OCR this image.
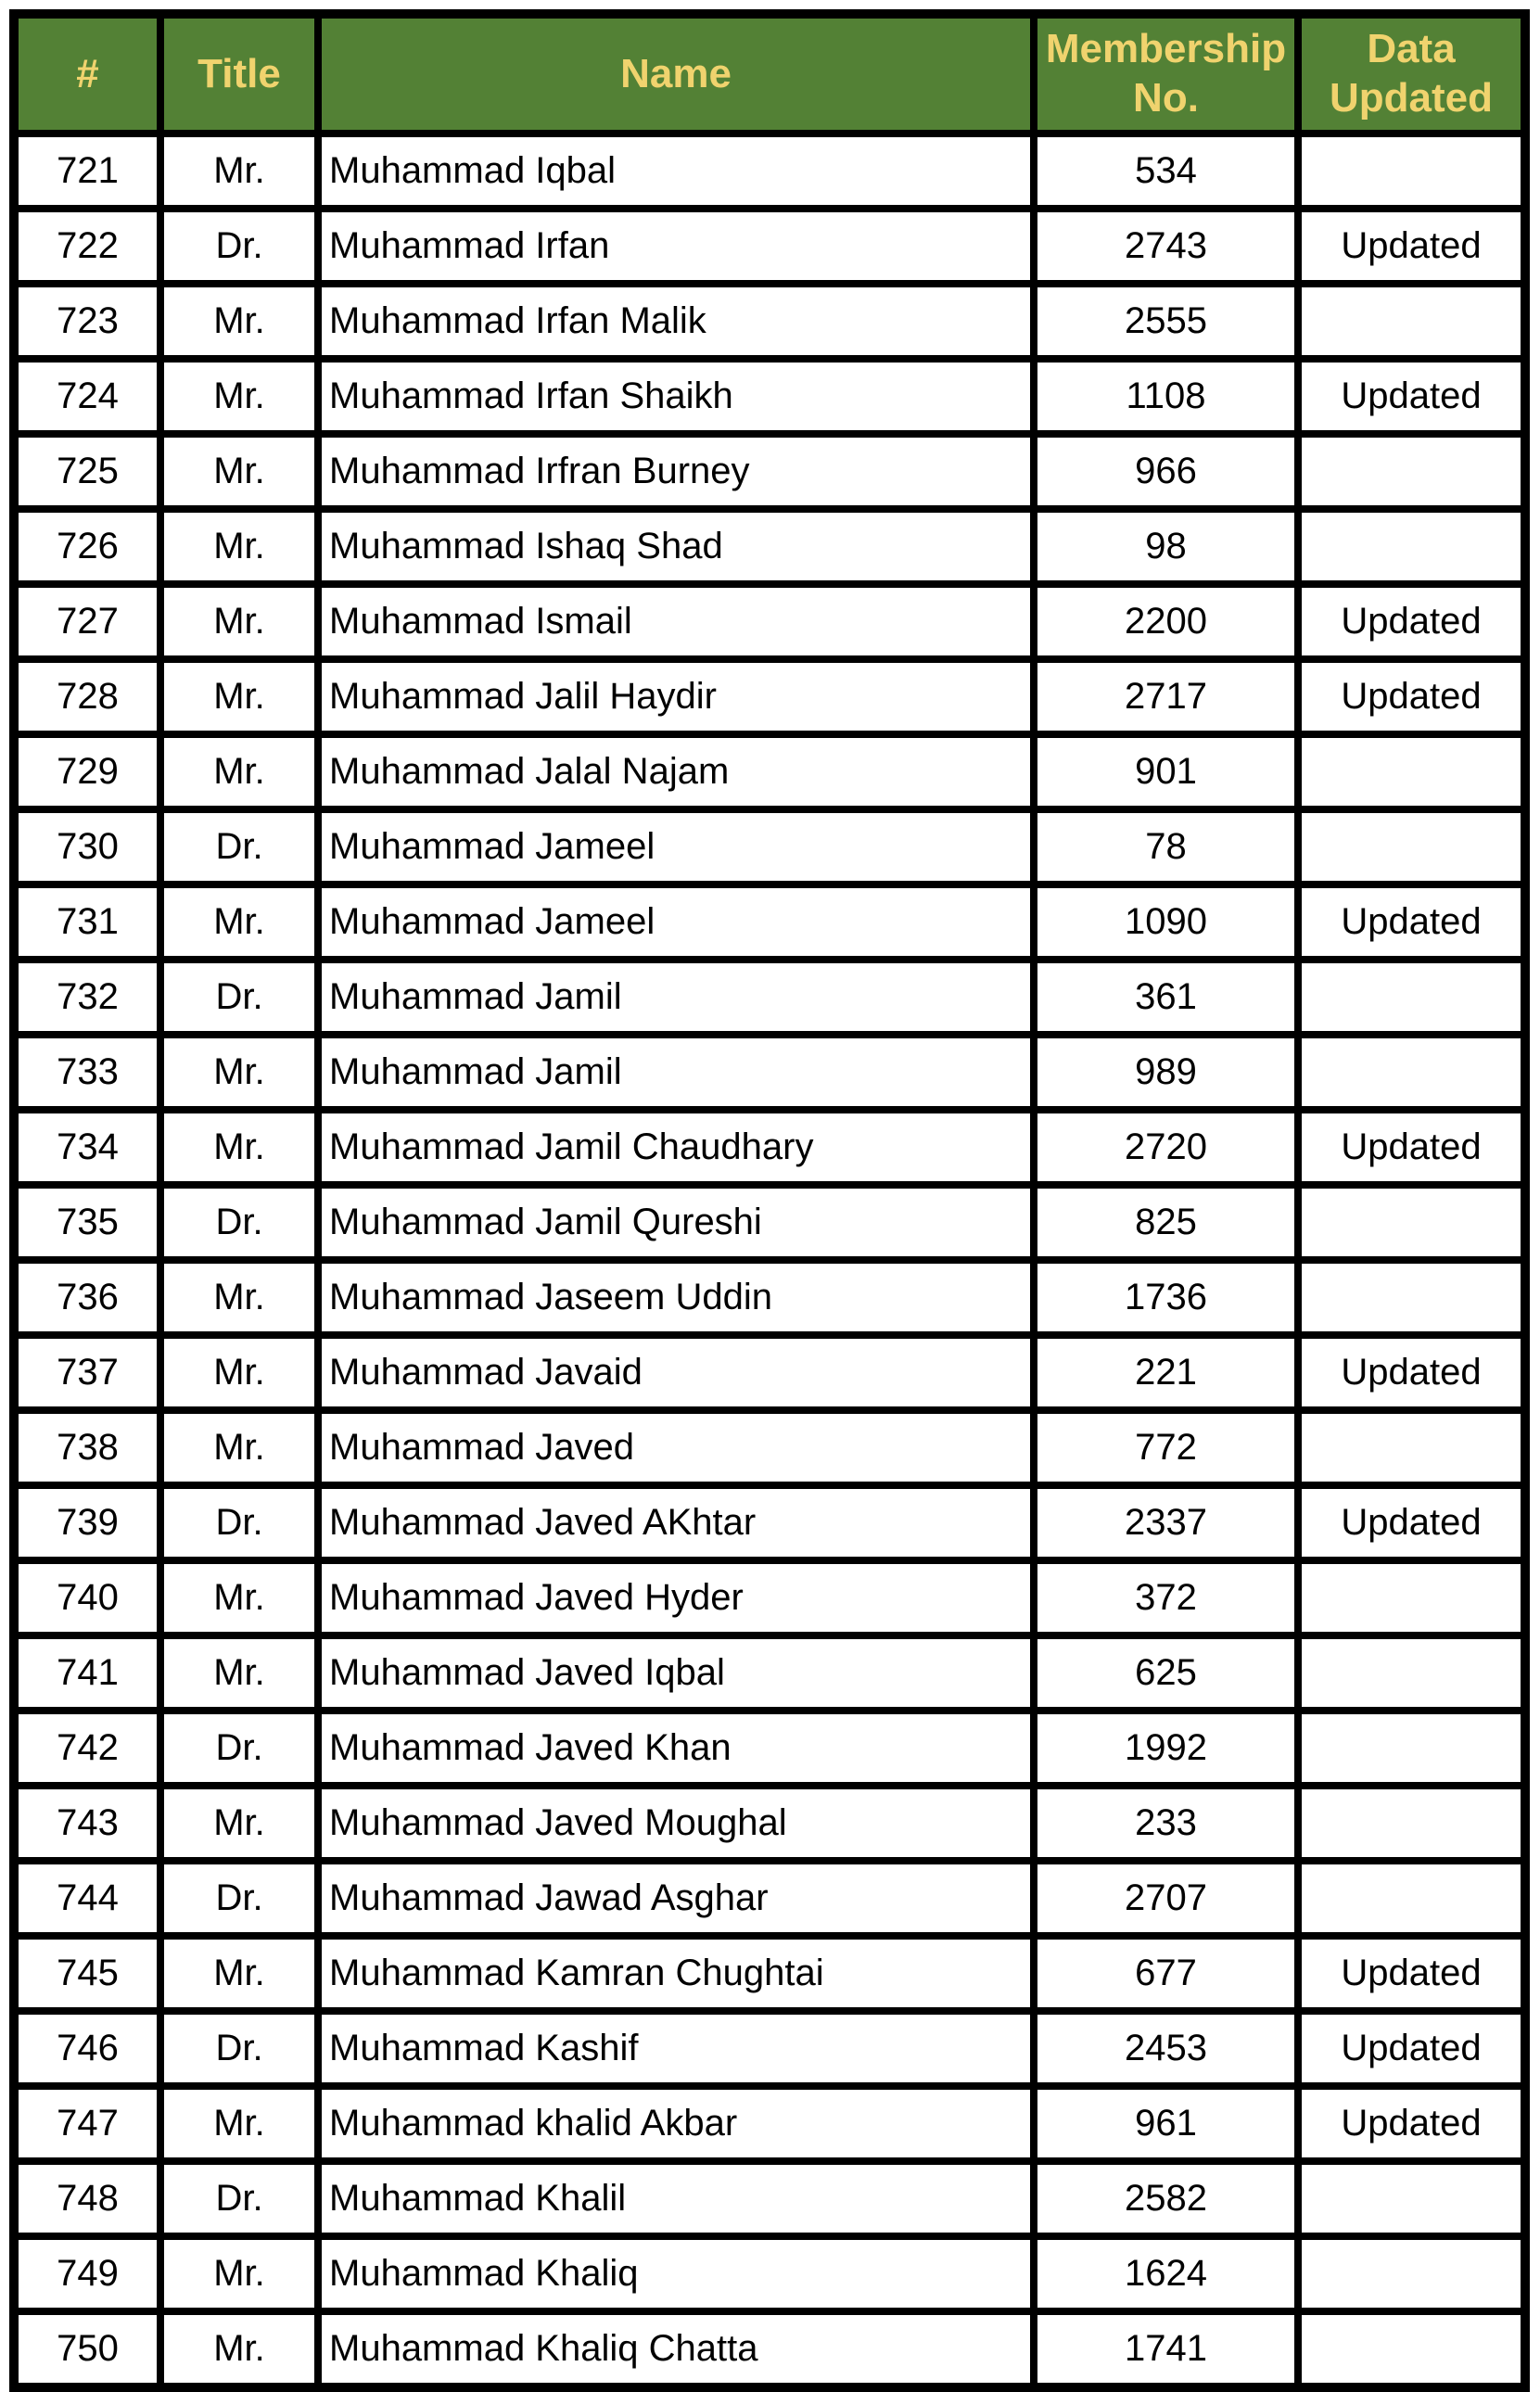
#	Title	Name	Membership No.	Data Updated
721	Mr.	Muhammad Iqbal	534	
722	Dr.	Muhammad Irfan	2743	Updated
723	Mr.	Muhammad Irfan Malik	2555	
724	Mr.	Muhammad Irfan Shaikh	1108	Updated
725	Mr.	Muhammad Irfran Burney	966	
726	Mr.	Muhammad Ishaq Shad	98	
727	Mr.	Muhammad Ismail	2200	Updated
728	Mr.	Muhammad Jalil Haydir	2717	Updated
729	Mr.	Muhammad Jalal Najam	901	
730	Dr.	Muhammad Jameel	78	
731	Mr.	Muhammad Jameel	1090	Updated
732	Dr.	Muhammad Jamil	361	
733	Mr.	Muhammad Jamil	989	
734	Mr.	Muhammad Jamil Chaudhary	2720	Updated
735	Dr.	Muhammad Jamil Qureshi	825	
736	Mr.	Muhammad Jaseem Uddin	1736	
737	Mr.	Muhammad Javaid	221	Updated
738	Mr.	Muhammad Javed	772	
739	Dr.	Muhammad Javed AKhtar	2337	Updated
740	Mr.	Muhammad Javed Hyder	372	
741	Mr.	Muhammad Javed Iqbal	625	
742	Dr.	Muhammad Javed Khan	1992	
743	Mr.	Muhammad Javed Moughal	233	
744	Dr.	Muhammad Jawad Asghar	2707	
745	Mr.	Muhammad Kamran Chughtai	677	Updated
746	Dr.	Muhammad Kashif	2453	Updated
747	Mr.	Muhammad khalid Akbar	961	Updated
748	Dr.	Muhammad Khalil	2582	
749	Mr.	Muhammad Khaliq	1624	
750	Mr.	Muhammad Khaliq Chatta	1741	
